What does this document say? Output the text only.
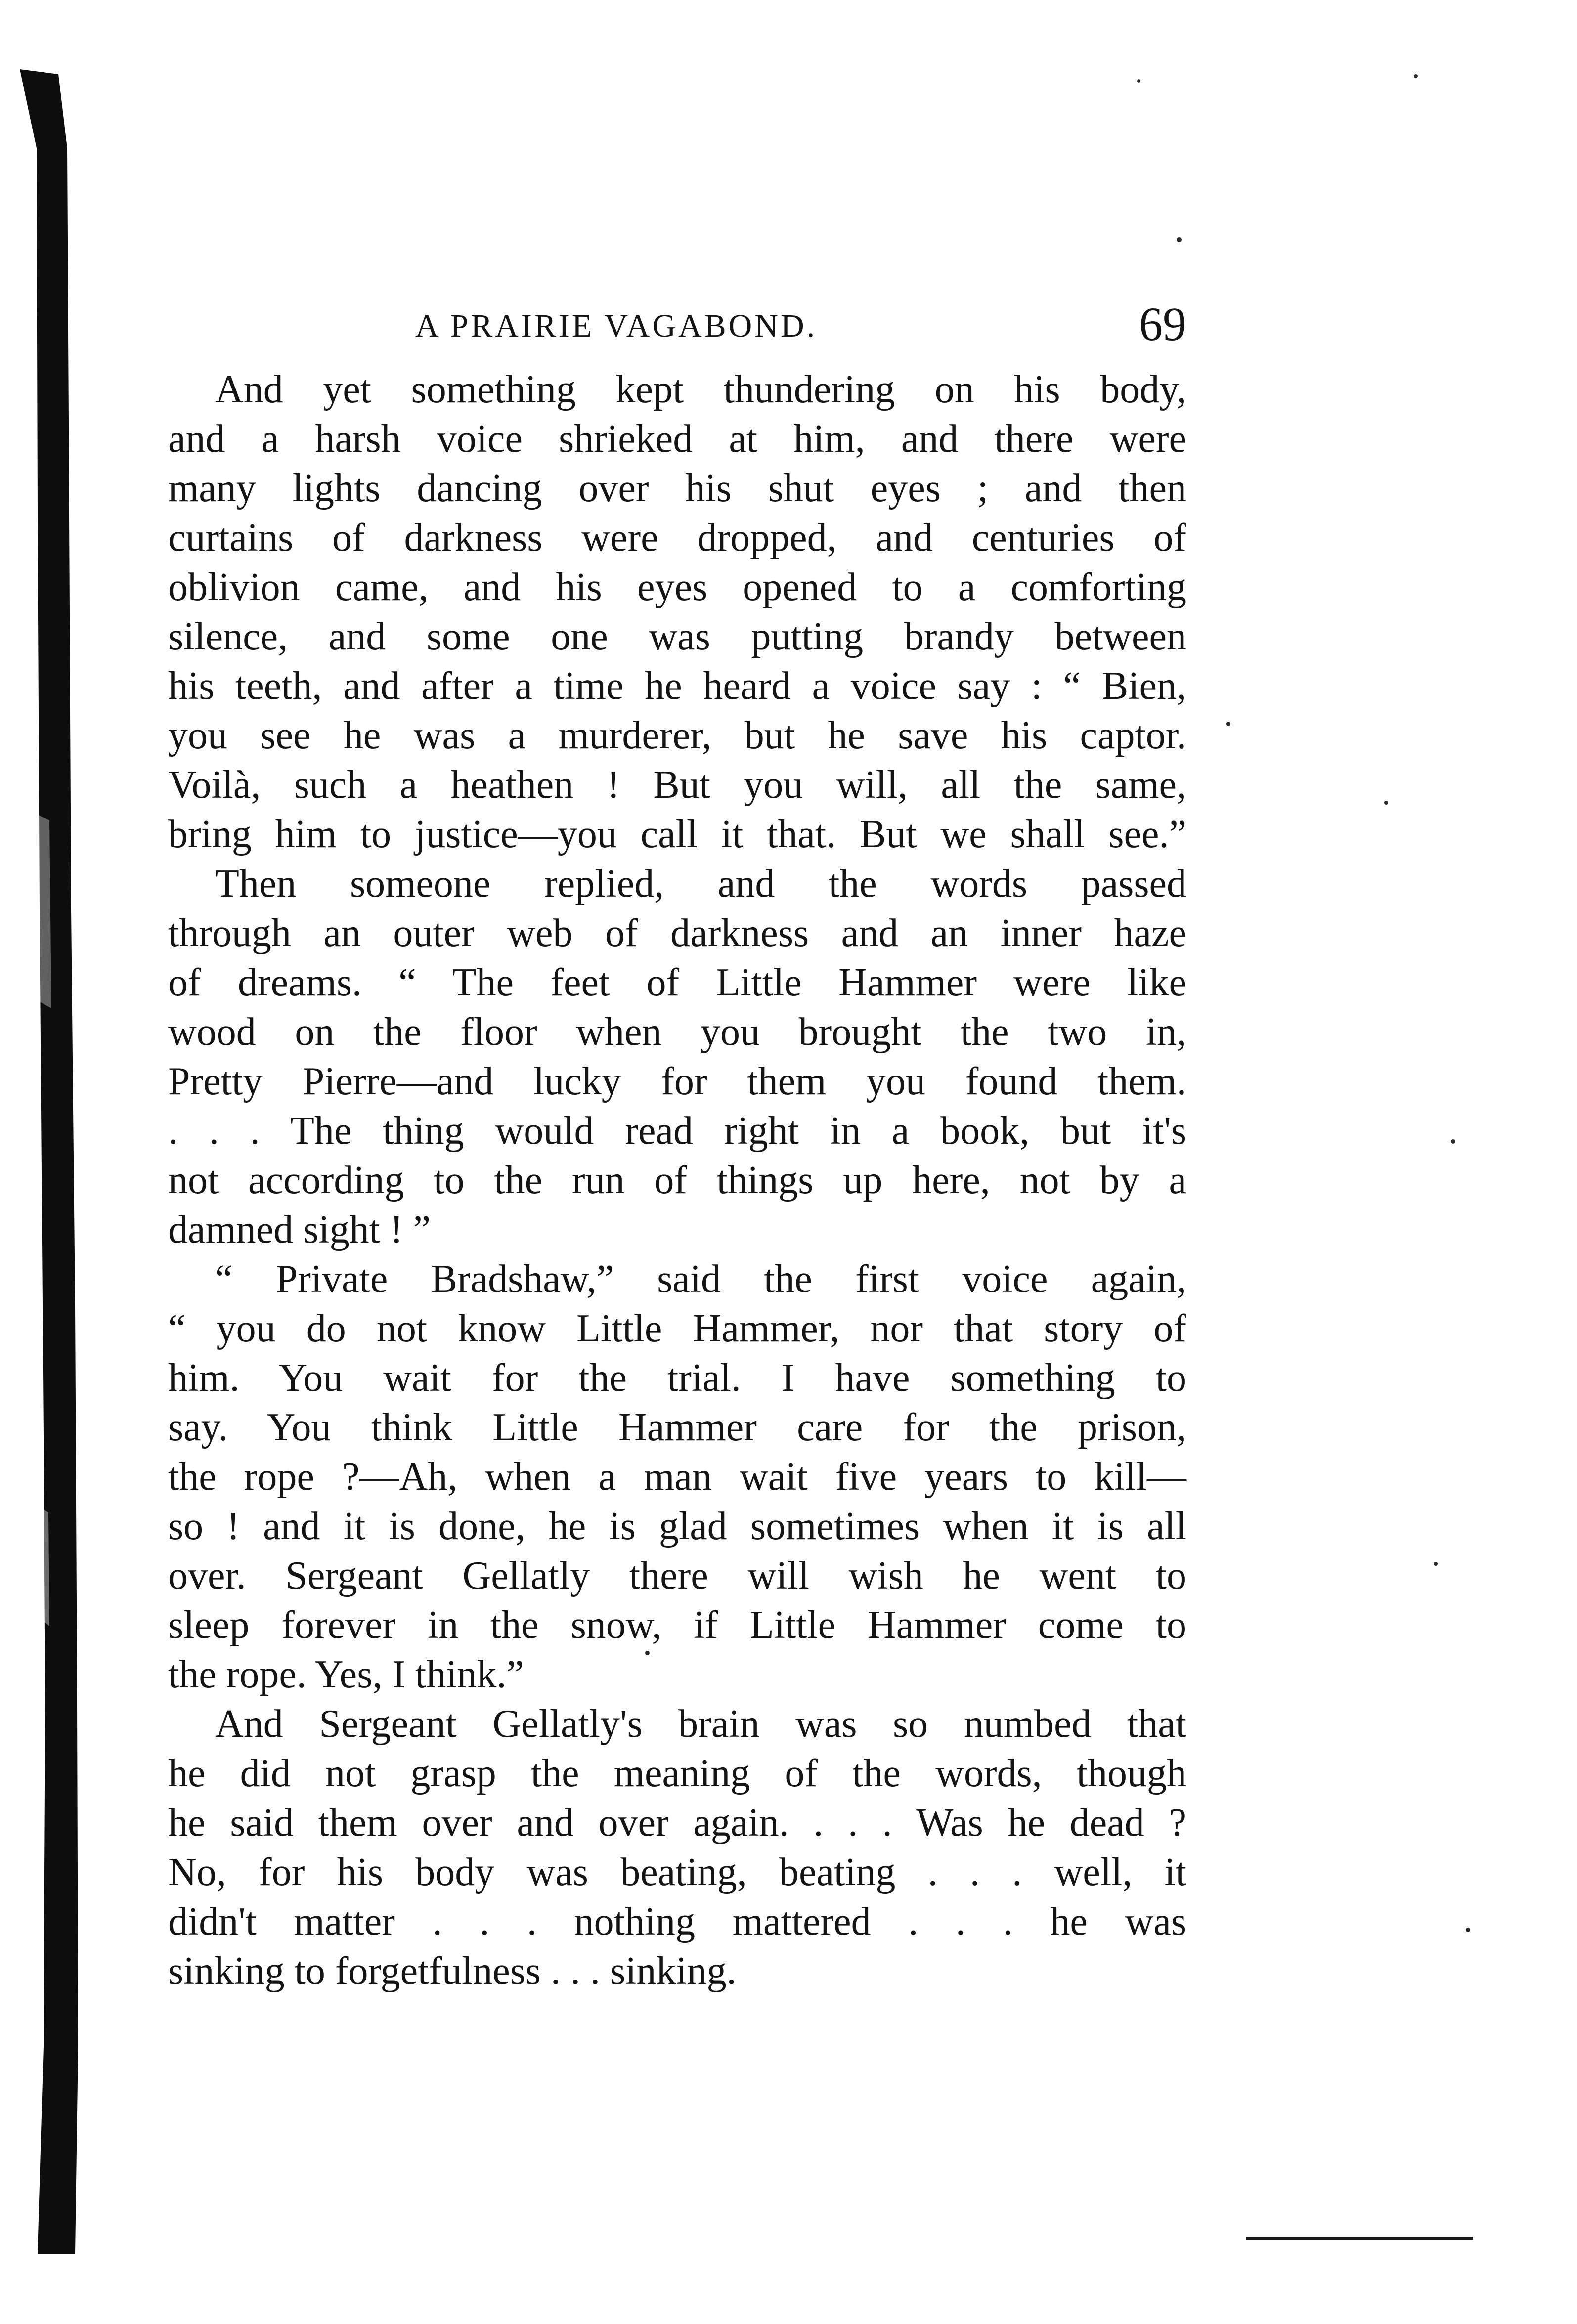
A PRAIRIE VAGABOND.	69
And yet something kept thundering on his body,
and a harsh voice shrieked at him, and there were
many lights dancing over his shut eyes ; and then
curtains of darkness were dropped, and centuries of
oblivion came, and his eyes opened to a comforting
silence, and some one was putting brandy between
his teeth, and after a time he heard a voice say : “ Bien,
you see he was a murderer, but he save his captor.
Voilà, such a heathen ! But you will, all the same,
bring him to justice—you call it that. But we shall see.”
Then someone replied, and the words passed
through an outer web of darkness and an inner haze
of dreams. “ The feet of Little Hammer were like
wood on the floor when you brought the two in,
Pretty Pierre—and lucky for them you found them.
. . . The thing would read right in a book, but it's
not according to the run of things up here, not by a
damned sight ! ”
“ Private Bradshaw,” said the first voice again,
“ you do not know Little Hammer, nor that story of
him. You wait for the trial. I have something to
say. You think Little Hammer care for the prison,
the rope ?—Ah, when a man wait five years to kill—
so ! and it is done, he is glad sometimes when it is all
over. Sergeant Gellatly there will wish he went to
sleep forever in the snow, if Little Hammer come to
the rope. Yes, I think.”
And Sergeant Gellatly's brain was so numbed that
he did not grasp the meaning of the words, though
he said them over and over again. . . . Was he dead ?
No, for his body was beating, beating . . . well, it
didn't matter . . . nothing mattered . . . he was
sinking to forgetfulness . . . sinking.
